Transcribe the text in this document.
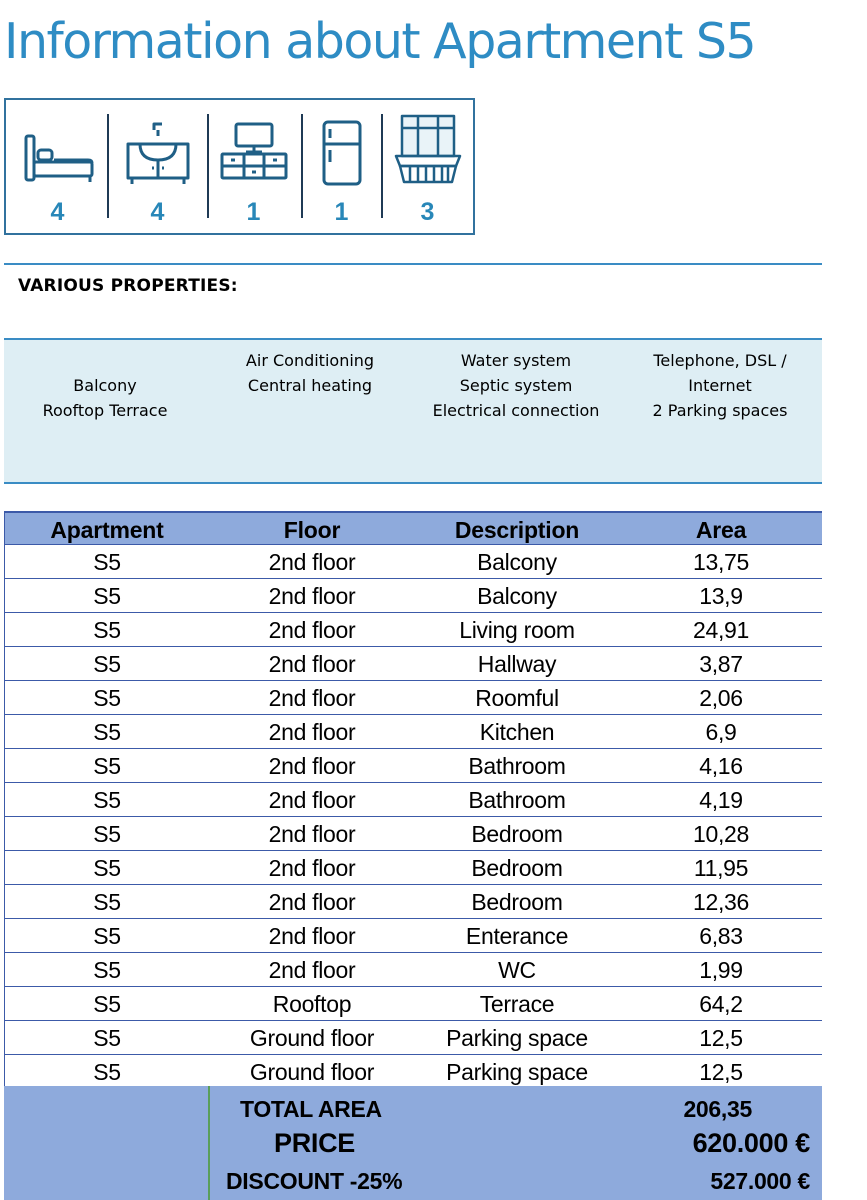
Information about Apartment S5
4	4	1	1	3
VARIOUS PROPERTIES:
Balcony
Rooftop Terrace
Air Conditioning
Central heating
Water system
Septic system
Electrical connection
Telephone, DSL /
Internet
2 Parking spaces
Apartment	Floor	Description	Area
S5	2nd floor	Balcony	13,75
S5	2nd floor	Balcony	13,9
S5	2nd floor	Living room	24,91
S5	2nd floor	Hallway	3,87
S5	2nd floor	Roomful	2,06
S5	2nd floor	Kitchen	6,9
S5	2nd floor	Bathroom	4,16
S5	2nd floor	Bathroom	4,19
S5	2nd floor	Bedroom	10,28
S5	2nd floor	Bedroom	11,95
S5	2nd floor	Bedroom	12,36
S5	2nd floor	Enterance	6,83
S5	2nd floor	WC	1,99
S5	Rooftop	Terrace	64,2
S5	Ground floor	Parking space	12,5
S5	Ground floor	Parking space	12,5
TOTAL AREA	206,35
PRICE	620.000 €
DISCOUNT -25%	527.000 €
